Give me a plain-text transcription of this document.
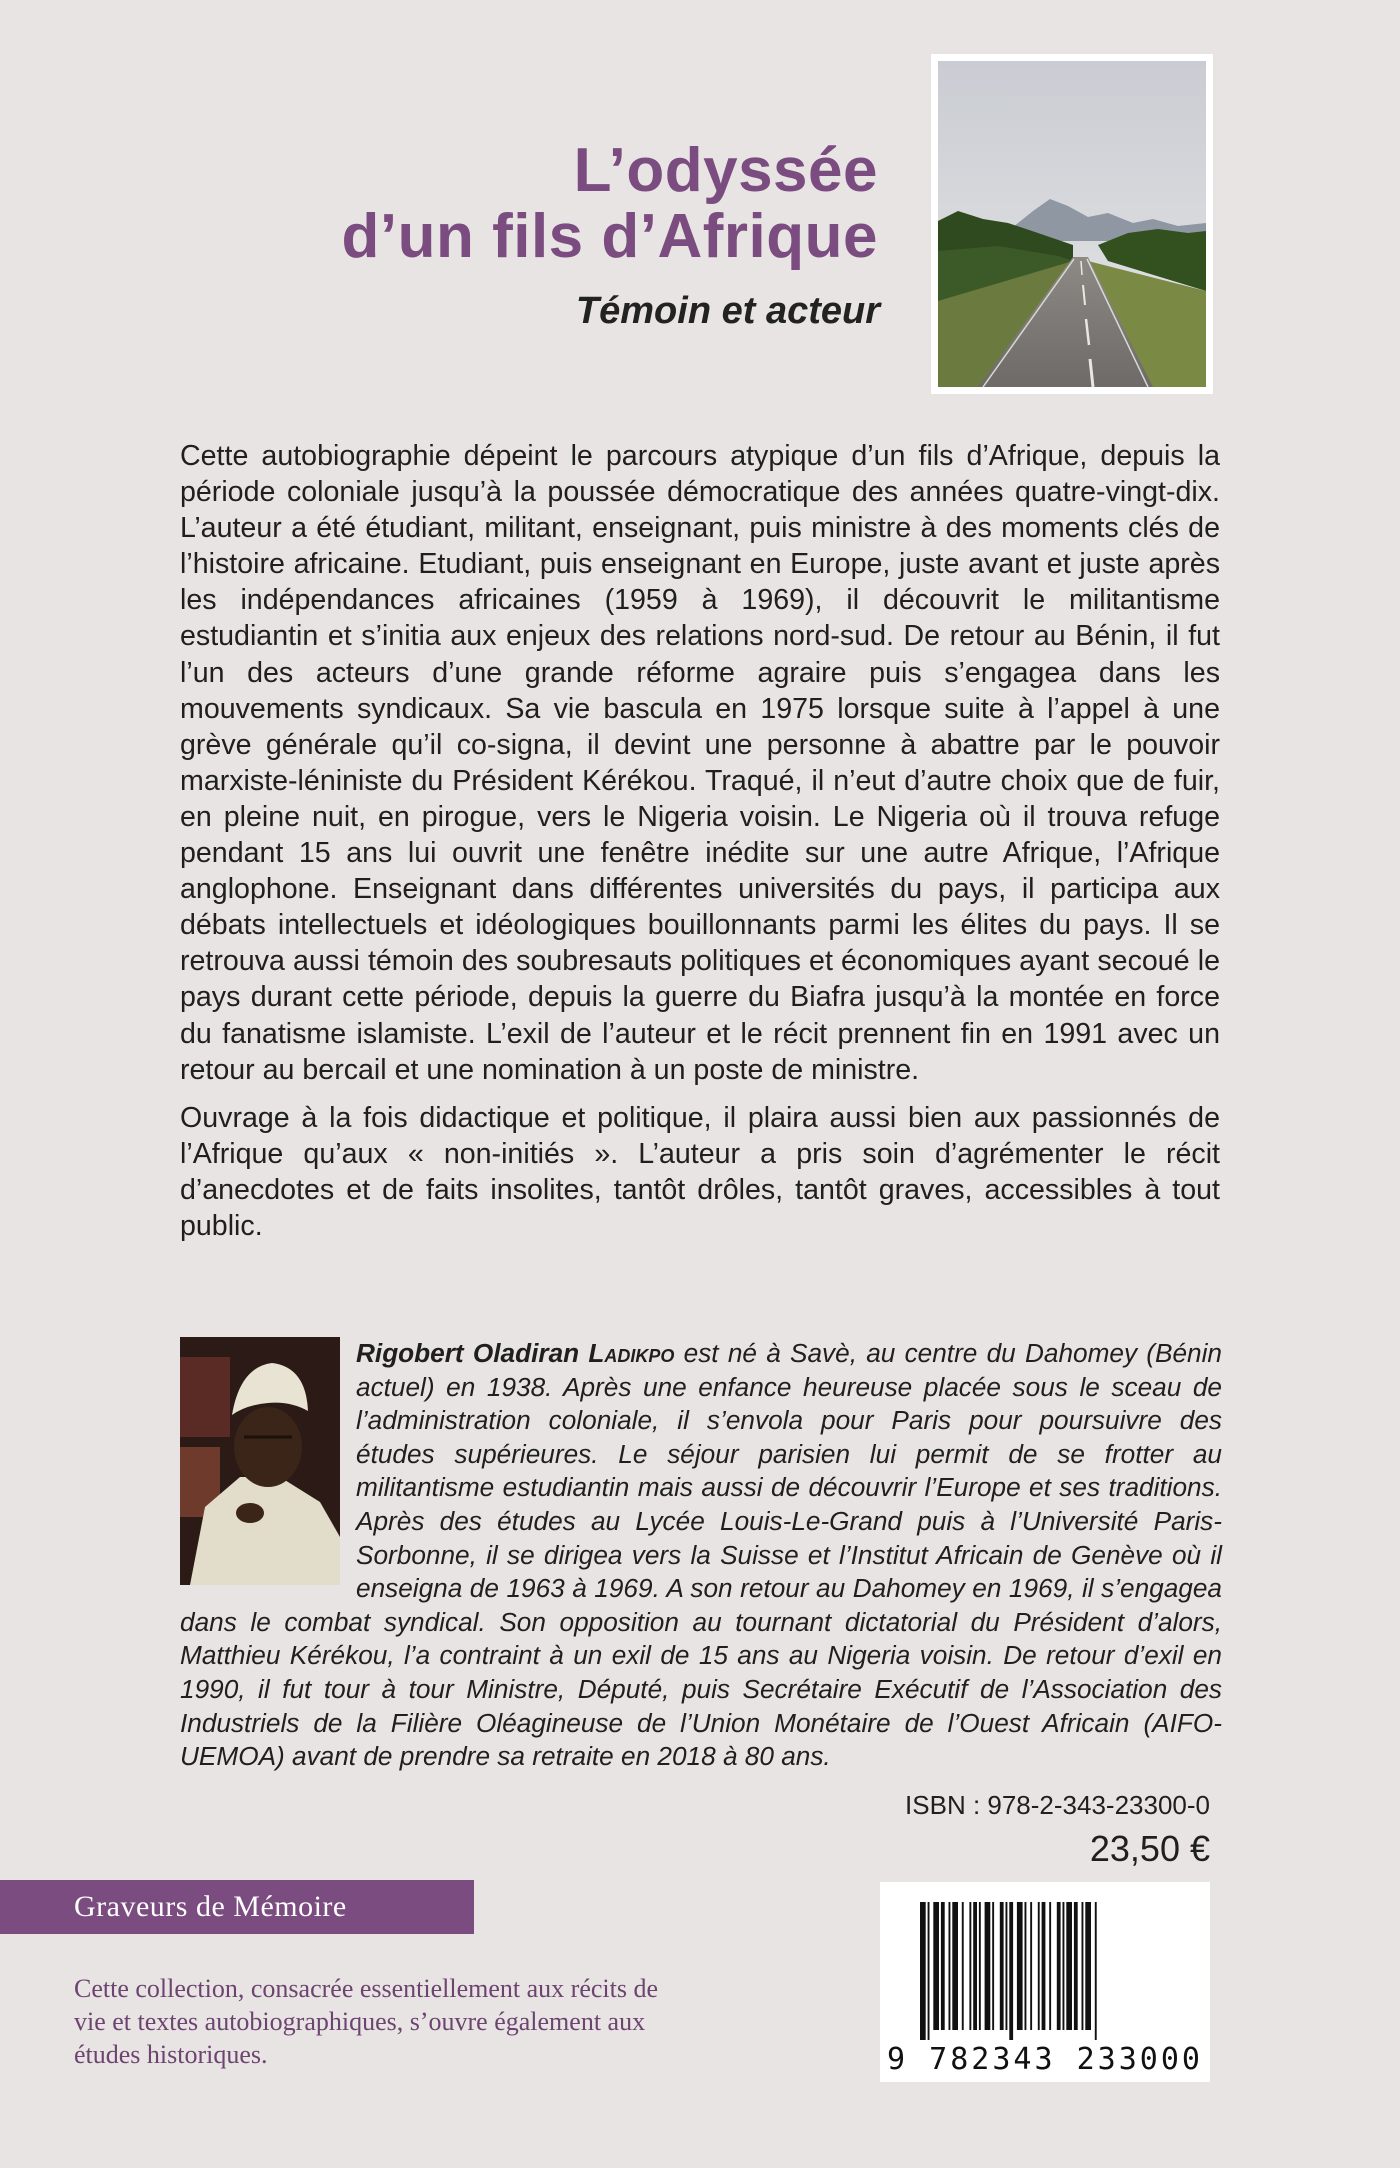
L’odyssée
d’un fils d’Afrique

Témoin et acteur

Cette autobiographie dépeint le parcours atypique d’un fils d’Afrique, depuis la période coloniale jusqu’à la poussée démocratique des années quatre-vingt-dix. L’auteur a été étudiant, militant, enseignant, puis ministre à des moments clés de l’histoire africaine. Etudiant, puis enseignant en Europe, juste avant et juste après les indépendances africaines (1959 à 1969), il découvrit le militantisme estudiantin et s’initia aux enjeux des relations nord-sud. De retour au Bénin, il fut l’un des acteurs d’une grande réforme agraire puis s’engagea dans les mouvements syndicaux. Sa vie bascula en 1975 lorsque suite à l’appel à une grève générale qu’il co-signa, il devint une personne à abattre par le pouvoir marxiste-léniniste du Président Kérékou. Traqué, il n’eut d’autre choix que de fuir, en pleine nuit, en pirogue, vers le Nigeria voisin. Le Nigeria où il trouva refuge pendant 15 ans lui ouvrit une fenêtre inédite sur une autre Afrique, l’Afrique anglophone. Enseignant dans différentes universités du pays, il participa aux débats intellectuels et idéologiques bouillonnants parmi les élites du pays. Il se retrouva aussi témoin des soubresauts politiques et économiques ayant secoué le pays durant cette période, depuis la guerre du Biafra jusqu’à la montée en force du fanatisme islamiste. L’exil de l’auteur et le récit prennent fin en 1991 avec un retour au bercail et une nomination à un poste de ministre.

Ouvrage à la fois didactique et politique, il plaira aussi bien aux passionnés de l’Afrique qu’aux « non-initiés ». L’auteur a pris soin d’agrémenter le récit d’anecdotes et de faits insolites, tantôt drôles, tantôt graves, accessibles à tout public.

Rigobert Oladiran Ladikpo est né à Savè, au centre du Dahomey (Bénin actuel) en 1938. Après une enfance heureuse placée sous le sceau de l’administration coloniale, il s’envola pour Paris pour poursuivre des études supérieures. Le séjour parisien lui permit de se frotter au militantisme estudiantin mais aussi de découvrir l’Europe et ses traditions. Après des études au Lycée Louis-Le-Grand puis à l’Université Paris-Sorbonne, il se dirigea vers la Suisse et l’Institut Africain de Genève où il enseigna de 1963 à 1969. A son retour au Dahomey en 1969, il s’engagea dans le combat syndical. Son opposition au tournant dictatorial du Président d’alors, Matthieu Kérékou, l’a contraint à un exil de 15 ans au Nigeria voisin. De retour d’exil en 1990, il fut tour à tour Ministre, Député, puis Secrétaire Exécutif de l’Association des Industriels de la Filière Oléagineuse de l’Union Monétaire de l’Ouest Africain (AIFO-UEMOA) avant de prendre sa retraite en 2018 à 80 ans.
ISBN : 978-2-343-23300-0
23,50 €
Graveurs de Mémoire
Cette collection, consacrée essentiellement aux récits de vie et textes autobiographiques, s’ouvre également aux études historiques.	9 782343 233000
